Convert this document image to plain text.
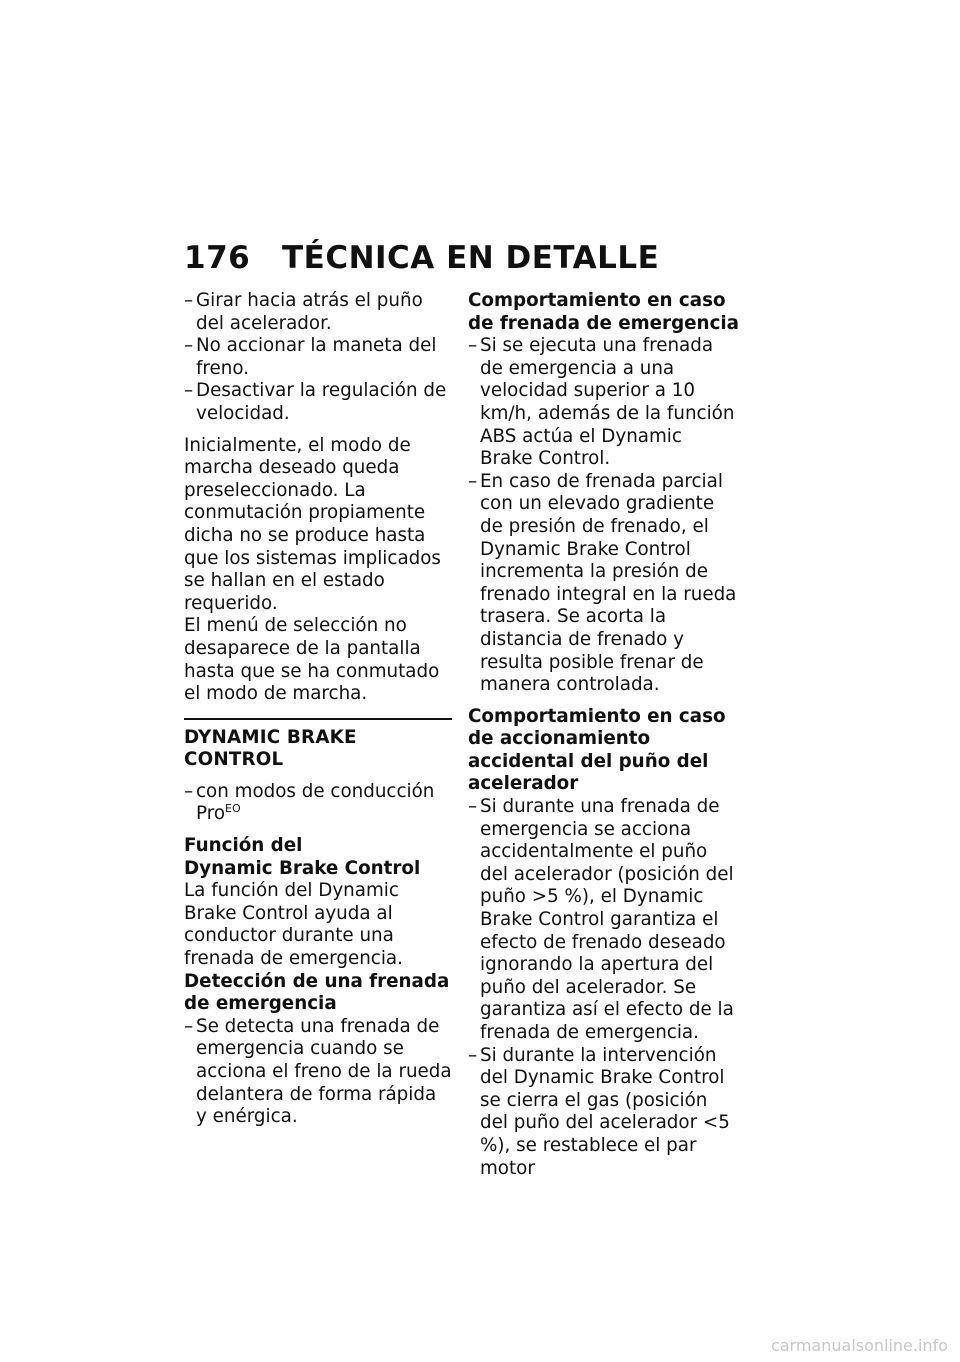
176 TÉCNICA EN DETALLE
– Girar hacia atrás el puño del acelerador.
– No accionar la maneta del freno.
– Desactivar la regulación de velocidad.

Inicialmente, el modo de marcha deseado queda preseleccionado. La conmutación propiamente dicha no se produce hasta que los sistemas implicados se hallan en el estado requerido.

El menú de selección no desaparece de la pantalla hasta que se ha conmutado el modo de marcha.

DYNAMIC BRAKE CONTROL

– con modos de conducción Pro$^{EO}$

Función del
Dynamic Brake Control

La función del Dynamic Brake Control ayuda al conductor durante una frenada de emergencia.

Detección de una frenada de emergencia

– Se detecta una frenada de emergencia cuando se acciona el freno de la rueda delantera de forma rápida y enérgica.

Comportamiento en caso de frenada de emergencia

– Si se ejecuta una frenada de emergencia a una velocidad superior a 10 km/h, además de la función ABS actúa el Dynamic Brake Control.
– En caso de frenada parcial con un elevado gradiente de presión de frenado, el Dynamic Brake Control incrementa la presión de frenado integral en la rueda trasera. Se acorta la distancia de frenado y resulta posible frenar de manera controlada.

Comportamiento en caso de accionamiento accidental del puño del acelerador

– Si durante una frenada de emergencia se acciona accidentalmente el puño del acelerador (posición del puño >5 %), el Dynamic Brake Control garantiza el efecto de frenado deseado ignorando la apertura del puño del acelerador. Se garantiza así el efecto de la frenada de emergencia.
– Si durante la intervención del Dynamic Brake Control se cierra el gas (posición del puño del acelerador <5 %), se restablece el par motor
carmanualsonline.info
